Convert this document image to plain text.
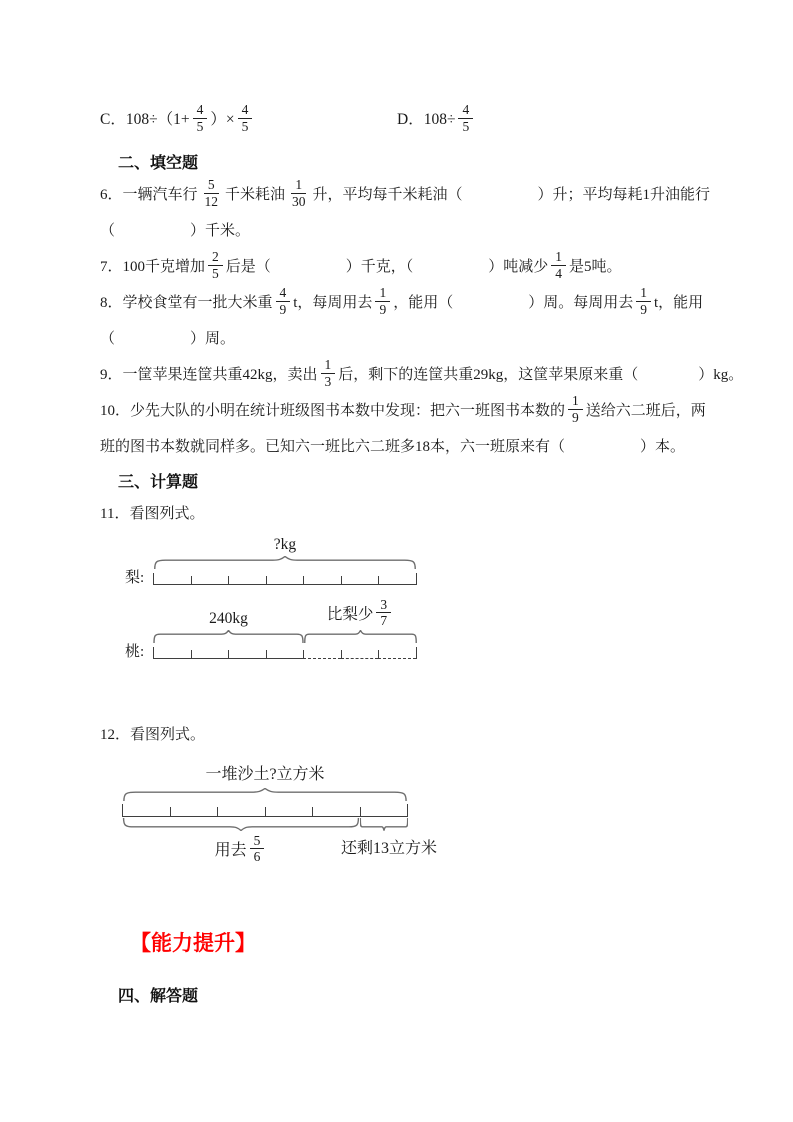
C．$108\div(1+ \frac{4}{5}$ ）× $\frac{4}{5}$	D．$108\div \frac{4}{5}$
二、填空题
6．一辆汽车行 $\frac{5}{12}$ 千米耗油 $\frac{1}{30}$ 升，平均每千米耗油（　　　　　）升；平均每耗1升油能行
（　　　　　）千米。
7．100千克增加 $\frac{2}{5}$ 后是（　　　　　）千克，（　　　　　）吨减少 $\frac{1}{4}$ 是5吨。
8．学校食堂有一批大米重 $\frac{4}{9}$ t，每周用去 $\frac{1}{9}$ ，能用（　　　　　）周。每周用去 $\frac{1}{9}$ t，能用
（　　　　　）周。
9．一筐苹果连筐共重42kg，卖出 $\frac{1}{3}$ 后，剩下的连筐共重29kg，这筐苹果原来重（　　　　）kg。
10．少先大队的小明在统计班级图书本数中发现：把六一班图书本数的 $\frac{1}{9}$ 送给六二班后，两
班的图书本数就同样多。已知六一班比六二班多18本，六一班原来有（　　　　　）本。
三、计算题
11．看图列式。
?kg
梨:
240kg	比梨少 $\frac{3}{7}$
桃:
12．看图列式。
一堆沙土?立方米
用去 $\frac{5}{6}$	还剩13立方米
【能力提升】
四、解答题
